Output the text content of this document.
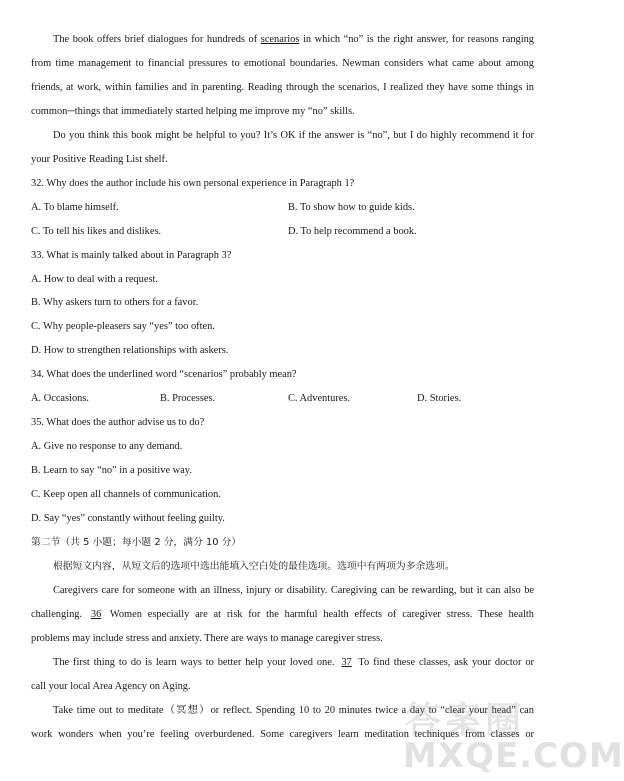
The book offers brief dialogues for hundreds of scenarios in which “no” is the right answer, for reasons ranging
from time management to financial pressures to emotional boundaries. Newman considers what came about among
friends, at work, within families and in parenting. Reading through the scenarios, I realized they have some things in
common─things that immediately started helping me improve my “no” skills.
Do you think this book might be helpful to you? It’s OK if the answer is “no”, but I do highly recommend it for
your Positive Reading List shelf.
32. Why does the author include his own personal experience in Paragraph 1?
A. To blame himself.	B. To show how to guide kids.
C. To tell his likes and dislikes.	D. To help recommend a book.
33. What is mainly talked about in Paragraph 3?
A. How to deal with a request.
B. Why askers turn to others for a favor.
C. Why people-pleasers say “yes” too often.
D. How to strengthen relationships with askers.
34. What does the underlined word “scenarios” probably mean?
A. Occasions.	B. Processes.	C. Adventures.	D. Stories.
35. What does the author advise us to do?
A. Give no response to any demand.
B. Learn to say “no” in a positive way.
C. Keep open all channels of communication.
D. Say “yes” constantly without feeling guilty.
第二节（共 5 小题；每小题 2 分，满分 10 分）
根据短文内容，从短文后的选项中选出能填入空白处的最佳选项。选项中有两项为多余选项。
Caregivers care for someone with an illness, injury or disability. Caregiving can be rewarding, but it can also be
challenging. 36 Women especially are at risk for the harmful health effects of caregiver stress. These health
problems may include stress and anxiety. There are ways to manage caregiver stress.
The first thing to do is learn ways to better help your loved one. 37 To find these classes, ask your doctor or
call your local Area Agency on Aging.
Take time out to meditate（冥想）or reflect. Spending 10 to 20 minutes twice a day to “clear your head” can
work wonders when you’re feeling overburdened. Some caregivers learn meditation techniques from classes or
答案圈
MXQE.COM
